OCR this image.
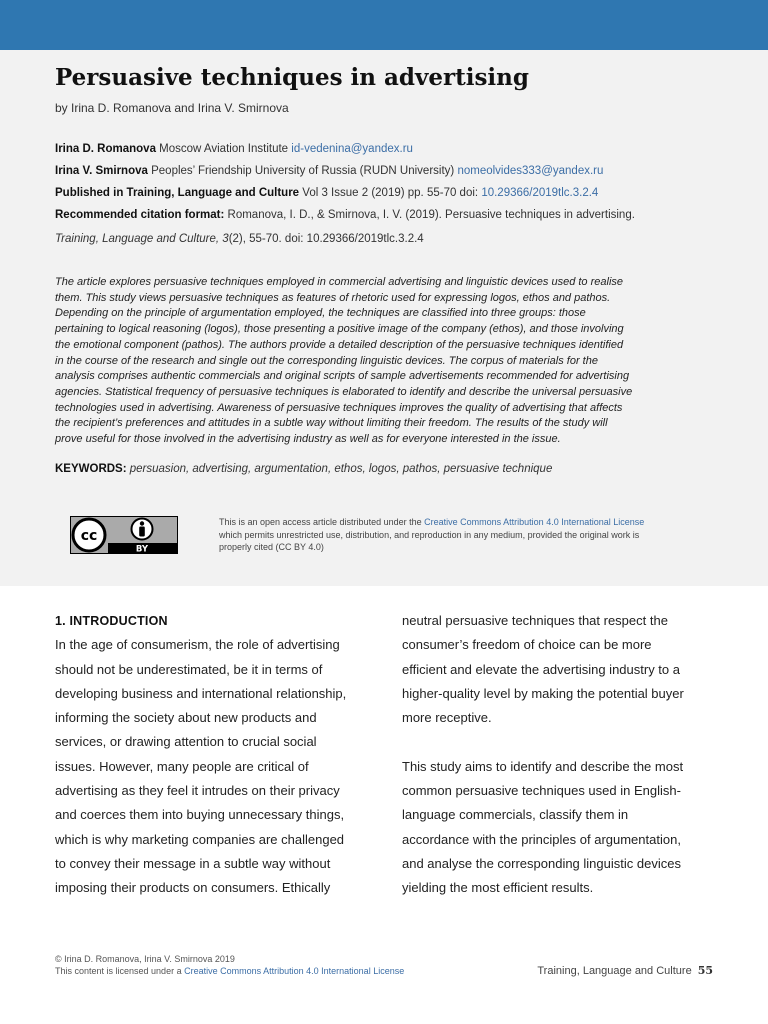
Persuasive techniques in advertising
by Irina D. Romanova and Irina V. Smirnova
Irina D. Romanova Moscow Aviation Institute id-vedenina@yandex.ru
Irina V. Smirnova Peoples’ Friendship University of Russia (RUDN University) nomeolvides333@yandex.ru
Published in Training, Language and Culture Vol 3 Issue 2 (2019) pp. 55-70 doi: 10.29366/2019tlc.3.2.4
Recommended citation format: Romanova, I. D., & Smirnova, I. V. (2019). Persuasive techniques in advertising.
Training, Language and Culture, 3(2), 55-70. doi: 10.29366/2019tlc.3.2.4

The article explores persuasive techniques employed in commercial advertising and linguistic devices used to realise
them. This study views persuasive techniques as features of rhetoric used for expressing logos, ethos and pathos.
Depending on the principle of argumentation employed, the techniques are classified into three groups: those
pertaining to logical reasoning (logos), those presenting a positive image of the company (ethos), and those involving
the emotional component (pathos). The authors provide a detailed description of the persuasive techniques identified
in the course of the research and single out the corresponding linguistic devices. The corpus of materials for the
analysis comprises authentic commercials and original scripts of sample advertisements recommended for advertising
agencies. Statistical frequency of persuasive techniques is elaborated to identify and describe the universal persuasive
technologies used in advertising. Awareness of persuasive techniques improves the quality of advertising that affects
the recipient’s preferences and attitudes in a subtle way without limiting their freedom. The results of the study will
prove useful for those involved in the advertising industry as well as for everyone interested in the issue.

KEYWORDS: persuasion, advertising, argumentation, ethos, logos, pathos, persuasive technique
cc
BY

This is an open access article distributed under the Creative Commons Attribution 4.0 International License
which permits unrestricted use, distribution, and reproduction in any medium, provided the original work is
properly cited (CC BY 4.0)

1. INTRODUCTION

In the age of consumerism, the role of advertising
should not be underestimated, be it in terms of
developing business and international relationship,
informing the society about new products and
services, or drawing attention to crucial social
issues. However, many people are critical of
advertising as they feel it intrudes on their privacy
and coerces them into buying unnecessary things,
which is why marketing companies are challenged
to convey their message in a subtle way without
imposing their products on consumers. Ethically

neutral persuasive techniques that respect the
consumer’s freedom of choice can be more
efficient and elevate the advertising industry to a
higher-quality level by making the potential buyer
more receptive.

This study aims to identify and describe the most
common persuasive techniques used in English-
language commercials, classify them in
accordance with the principles of argumentation,
and analyse the corresponding linguistic devices
yielding the most efficient results.

© Irina D. Romanova, Irina V. Smirnova 2019
This content is licensed under a Creative Commons Attribution 4.0 International License	Training, Language and Culture 55
